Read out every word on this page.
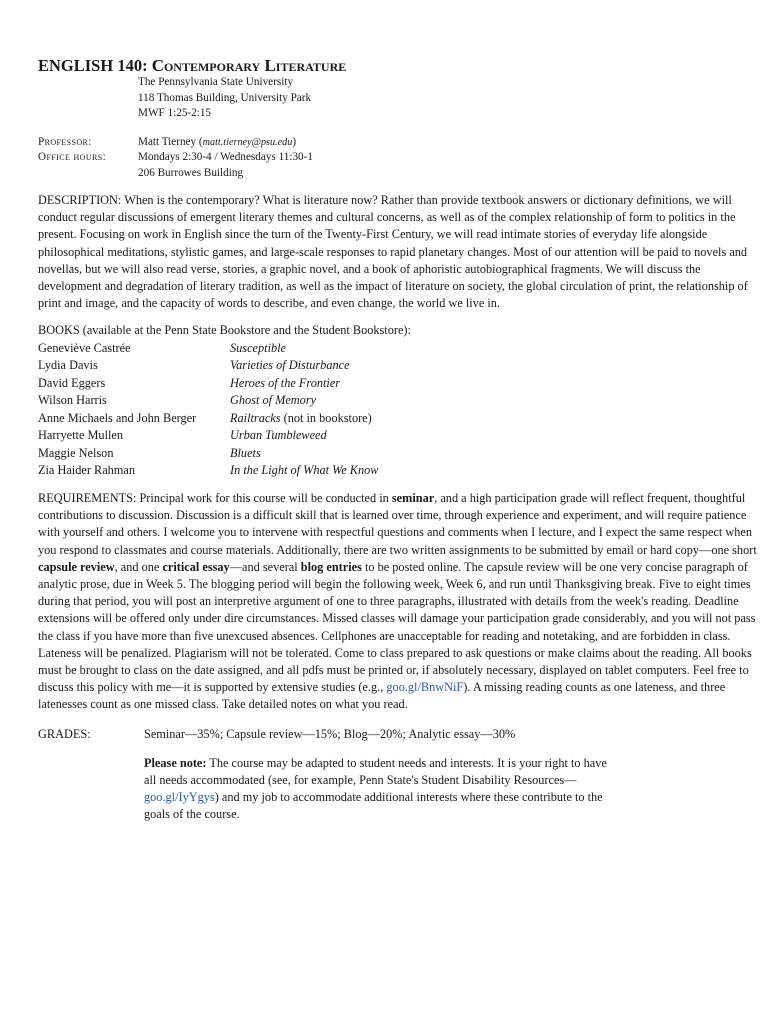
ENGLISH 140: Contemporary Literature
The Pennsylvania State University
118 Thomas Building, University Park
MWF 1:25-2:15
Professor:	Matt Tierney (matt.tierney@psu.edu)
Office hours:	Mondays 2:30-4 / Wednesdays 11:30-1
206 Burrowes Building

DESCRIPTION: When is the contemporary? What is literature now? Rather than provide textbook answers or dictionary definitions, we will conduct regular discussions of emergent literary themes and cultural concerns, as well as of the complex relationship of form to politics in the present. Focusing on work in English since the turn of the Twenty-First Century, we will read intimate stories of everyday life alongside philosophical meditations, stylistic games, and large-scale responses to rapid planetary changes. Most of our attention will be paid to novels and novellas, but we will also read verse, stories, a graphic novel, and a book of aphoristic autobiographical fragments. We will discuss the development and degradation of literary tradition, as well as the impact of literature on society, the global circulation of print, the relationship of print and image, and the capacity of words to describe, and even change, the world we live in.

BOOKS (available at the Penn State Bookstore and the Student Bookstore):
Geneviève Castrée	Susceptible
Lydia Davis	Varieties of Disturbance
David Eggers	Heroes of the Frontier
Wilson Harris	Ghost of Memory
Anne Michaels and John Berger	Railtracks (not in bookstore)
Harryette Mullen	Urban Tumbleweed
Maggie Nelson	Bluets
Zia Haider Rahman	In the Light of What We Know

REQUIREMENTS: Principal work for this course will be conducted in seminar, and a high participation grade will reflect frequent, thoughtful contributions to discussion. Discussion is a difficult skill that is learned over time, through experience and experiment, and will require patience with yourself and others. I welcome you to intervene with respectful questions and comments when I lecture, and I expect the same respect when you respond to classmates and course materials. Additionally, there are two written assignments to be submitted by email or hard copy—one short capsule review, and one critical essay—and several blog entries to be posted online. The capsule review will be one very concise paragraph of analytic prose, due in Week 5. The blogging period will begin the following week, Week 6, and run until Thanksgiving break. Five to eight times during that period, you will post an interpretive argument of one to three paragraphs, illustrated with details from the week's reading. Deadline extensions will be offered only under dire circumstances. Missed classes will damage your participation grade considerably, and you will not pass the class if you have more than five unexcused absences. Cellphones are unacceptable for reading and notetaking, and are forbidden in class. Lateness will be penalized. Plagiarism will not be tolerated. Come to class prepared to ask questions or make claims about the reading. All books must be brought to class on the date assigned, and all pdfs must be printed or, if absolutely necessary, displayed on tablet computers. Feel free to discuss this policy with me—it is supported by extensive studies (e.g., goo.gl/BnwNiF). A missing reading counts as one lateness, and three latenesses count as one missed class. Take detailed notes on what you read.

GRADES:	Seminar—35%; Capsule review—15%; Blog—20%; Analytic essay—30%
Please note: The course may be adapted to student needs and interests. It is your right to have all needs accommodated (see, for example, Penn State's Student Disability Resources—goo.gl/IyYgys) and my job to accommodate additional interests where these contribute to the goals of the course.
